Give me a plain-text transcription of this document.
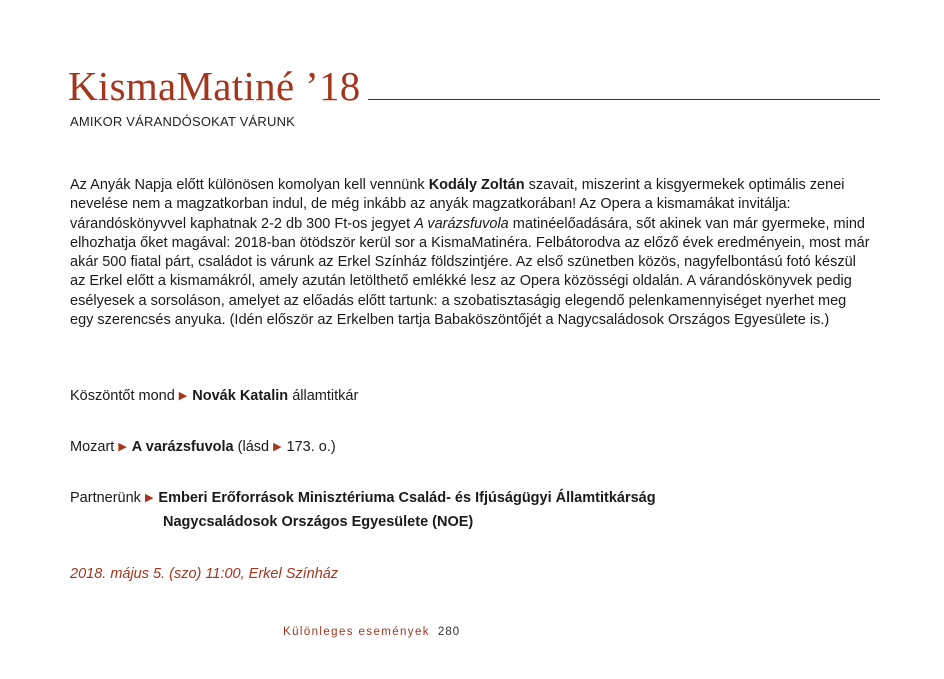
KismaMatiné ’18
AMIKOR VÁRANDÓSOKAT VÁRUNK
Az Anyák Napja előtt különösen komolyan kell vennünk Kodály Zoltán szavait, miszerint a kisgyermekek optimális zenei nevelése nem a magzatkorban indul, de még inkább az anyák magzatkorában! Az Opera a kismamákat invitálja: várandóskönyvvel kaphatnak 2-2 db 300 Ft-os jegyet A varázsfuvola matinéelőadására, sőt akinek van már gyermeke, mind elhozhatja őket magával: 2018-ban ötödször kerül sor a KismaMatinéra. Felbátorodva az előző évek eredményein, most már akár 500 fiatal párt, családot is várunk az Erkel Színház földszintjére. Az első szünetben közös, nagyfelbontású fotó készül az Erkel előtt a kismamákról, amely azután letölthető emlékké lesz az Opera közösségi oldalán. A várandóskönyvek pedig esélyesek a sorsoláson, amelyet az előadás előtt tartunk: a szobatisztaságig elegendő pelenkamennyiséget nyerhet meg egy szerencsés anyuka. (Idén először az Erkelben tartja Babaköszöntőjét a Nagycsaládosok Országos Egyesülete is.)
Köszöntőt mond ▶ Novák Katalin államtitkár
Mozart ▶ A varázsfuvola (lásd ▶ 173. o.)
Partnerünk ▶ Emberi Erőforrások Minisztériuma Család- és Ifjúságügyi Államtitkárság
Nagycsaládosok Országos Egyesülete (NOE)
2018. május 5. (szo) 11:00, Erkel Színház
Különleges események 280
